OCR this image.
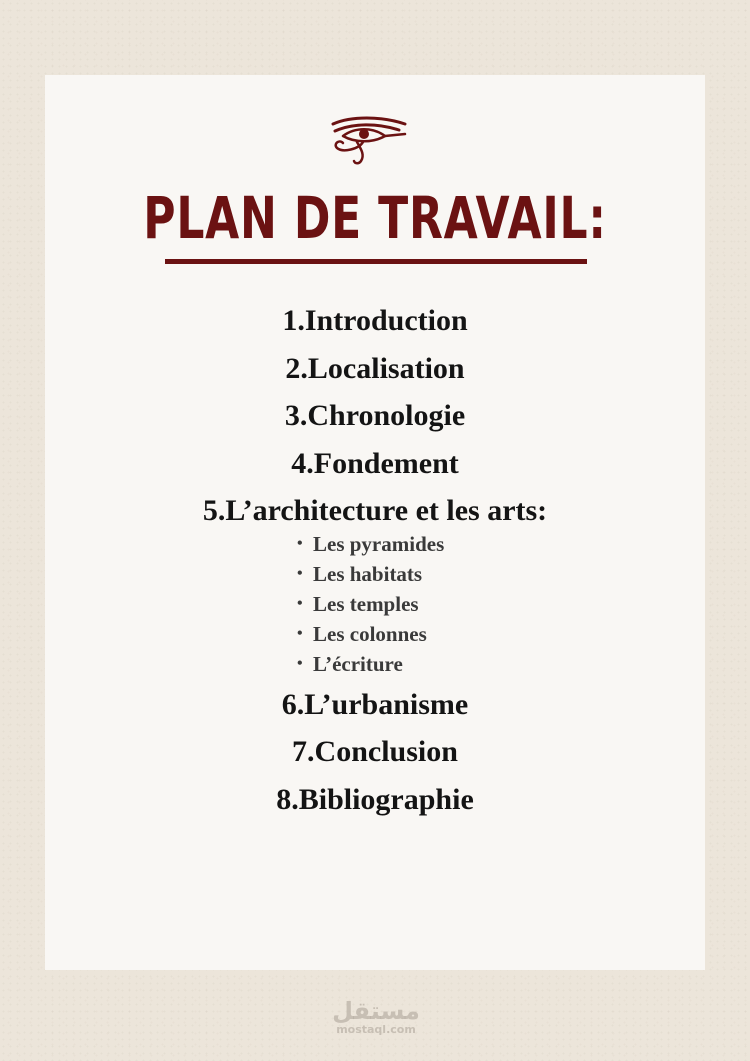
PLAN DE TRAVAIL:
1.Introduction
2.Localisation
3.Chronologie
4.Fondement
5.L’architecture et les arts:
• Les pyramides
• Les habitats
• Les temples
• Les colonnes
• L’écriture
6.L’urbanisme
7.Conclusion
8.Bibliographie
مستقل
mostaql.com
